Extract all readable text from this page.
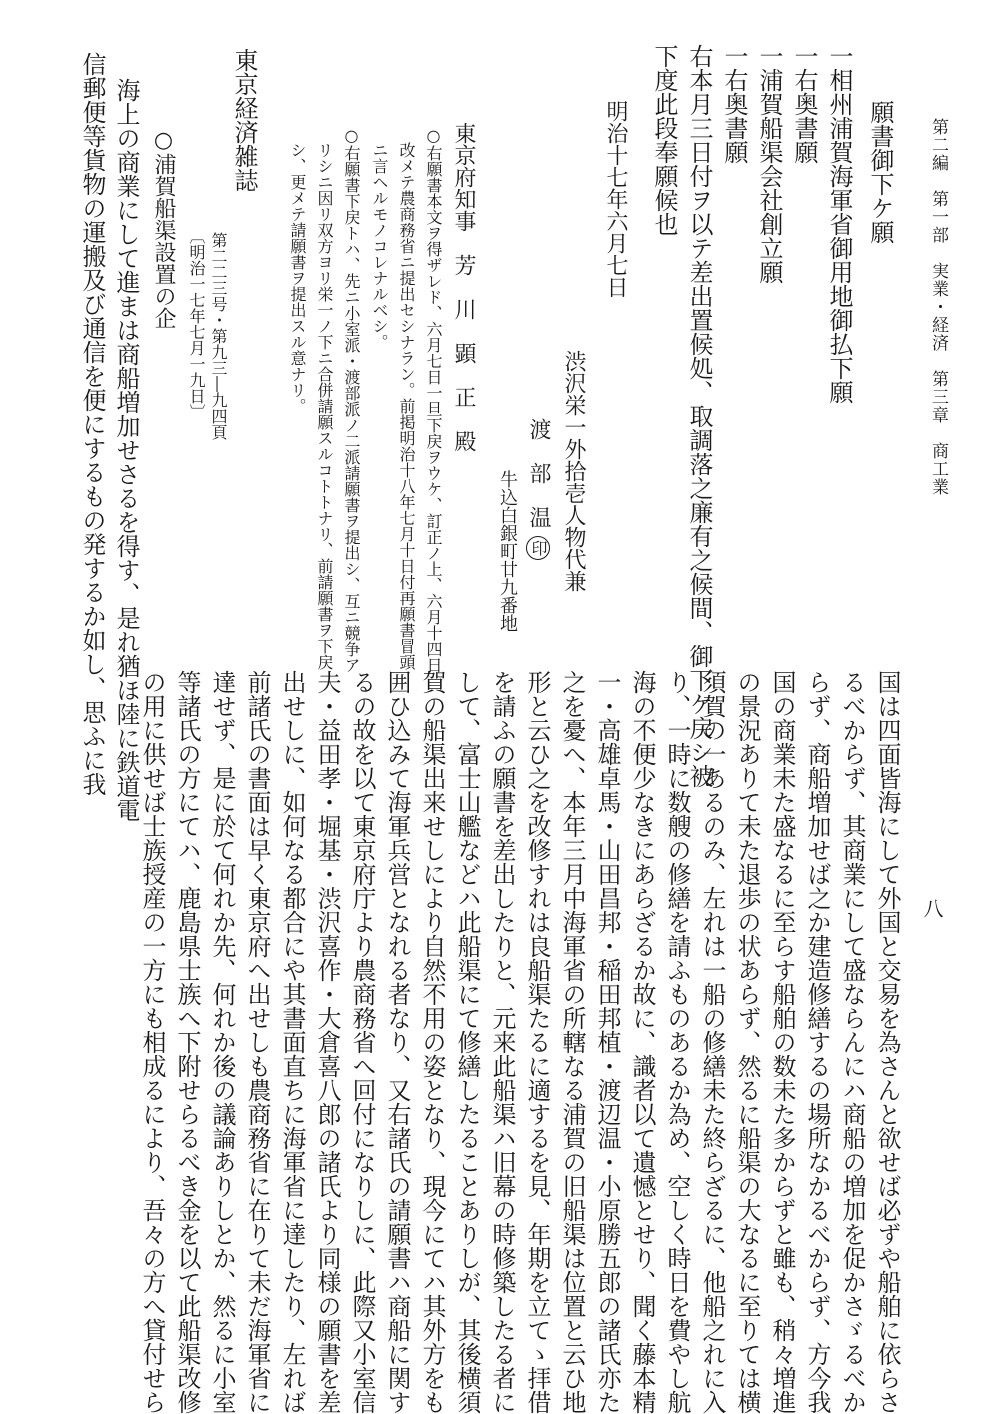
第二編　第一部　実業・経済　第三章　商工業
八
願書御下ケ願
一相州浦賀海軍省御用地御払下願
一右奥書願
一浦賀船渠会社創立願
一右奥書願
右本月三日付ヲ以テ差出置候処、取調落之廉有之候間、御下ケ戻シ被
下度此段奉願候也
明治十七年六月七日
渋沢栄一外拾壱人物代兼
渡　部　温印
牛込白銀町廿九番地
東京府知事　芳　川　顕　正　殿
○右願書本文ヲ得ザレド、六月七日一旦下戻ヲウケ、訂正ノ上、六月十四日
改メテ農商務省ニ提出セシナラン。前掲明治十八年七月十日付再願書冒頭
ニ言ヘルモノコレナルベシ。
○右願書下戻トハ、先ニ小室派・渡部派ノ二派請願書ヲ提出シ、互ニ競争ア
リシニ因リ双方ヨリ栄一ノ下ニ合併請願スルコトトナリ、前請願書ヲ下戻
シ、更メテ請願書ヲ提出スル意ナリ。
東京経済雑誌
第二二三号・第九三―九四頁
〔明治一七年七月一九日〕
○浦賀船渠設置の企
海上の商業にして進まは商船増加せさるを得す、是れ猶ほ陸に鉄道電
信郵便等貨物の運搬及び通信を便にするもの発するか如し、思ふに我
国は四面皆海にして外国と交易を為さんと欲せば必ずや船舶に依らさ
るべからず、其商業にして盛ならんにハ商船の増加を促かさゞるべか
らず、商船増加せば之か建造修繕するの場所なかるべからず、方今我
国の商業未た盛なるに至らす船舶の数未た多からずと雖も、稍々増進
の景況ありて未た退歩の状あらず、然るに船渠の大なるに至りては横
須賀の一あるのみ、左れは一船の修繕未た終らざるに、他船之れに入
り、一時に数艘の修繕を請ふものあるか為め、空しく時日を費やし航
海の不便少なきにあらざるか故に、識者以て遺憾とせり、聞く藤本精
一・高雄卓馬・山田昌邦・稲田邦植・渡辺温・小原勝五郎の諸氏亦た
之を憂へ、本年三月中海軍省の所轄なる浦賀の旧船渠は位置と云ひ地
形と云ひ之を改修すれは良船渠たるに適するを見、年期を立てゝ拝借
を請ふの願書を差出したりと、元来此船渠ハ旧幕の時修築したる者に
して、富士山艦などハ此船渠にて修繕したることありしが、其後横須
賀の船渠出来せしにより自然不用の姿となり、現今にてハ其外方をも
囲ひ込みて海軍兵営となれる者なり、又右諸氏の請願書ハ商船に関す
るの故を以て東京府庁より農商務省へ回付になりしに、此際又小室信
夫・益田孝・堀基・渋沢喜作・大倉喜八郎の諸氏より同様の願書を差
出せしに、如何なる都合にや其書面直ちに海軍省に達したり、左れば
前諸氏の書面は早く東京府へ出せしも農商務省に在りて未だ海軍省に
達せず、是に於て何れか先、何れか後の議論ありしとか、然るに小室
等諸氏の方にてハ、鹿島県士族へ下附せらるべき金を以て此船渠改修
の用に供せば士族授産の一方にも相成るにより、吾々の方へ貸付せら
